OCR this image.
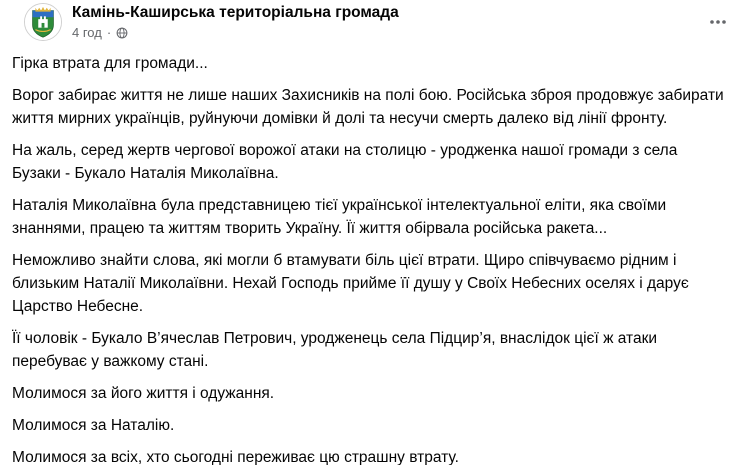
Камінь-Каширська територіальна громада
4 год ·

Гірка втрата для громади...

Ворог забирає життя не лише наших Захисників на полі бою. Російська зброя продовжує забирати життя мирних українців, руйнуючи домівки й долі та несучи смерть далеко від лінії фронту.

На жаль, серед жертв чергової ворожої атаки на столицю - уродженка нашої громади з села Бузаки - Букало Наталія Миколаївна.

Наталія Миколаївна була представницею тієї української інтелектуальної еліти, яка своїми знаннями, працею та життям творить Україну. Її життя обірвала російська ракета...

Неможливо знайти слова, які могли б втамувати біль цієї втрати. Щиро співчуваємо рідним і близьким Наталії Миколаївни. Нехай Господь прийме її душу у Своїх Небесних оселях і дарує Царство Небесне.

Її чоловік - Букало В’ячеслав Петрович, уродженець села Підцир’я, внаслідок цієї ж атаки перебуває у важкому стані.

Молимося за його життя і одужання.

Молимося за Наталію.

Молимося за всіх, хто сьогодні переживає цю страшну втрату.
